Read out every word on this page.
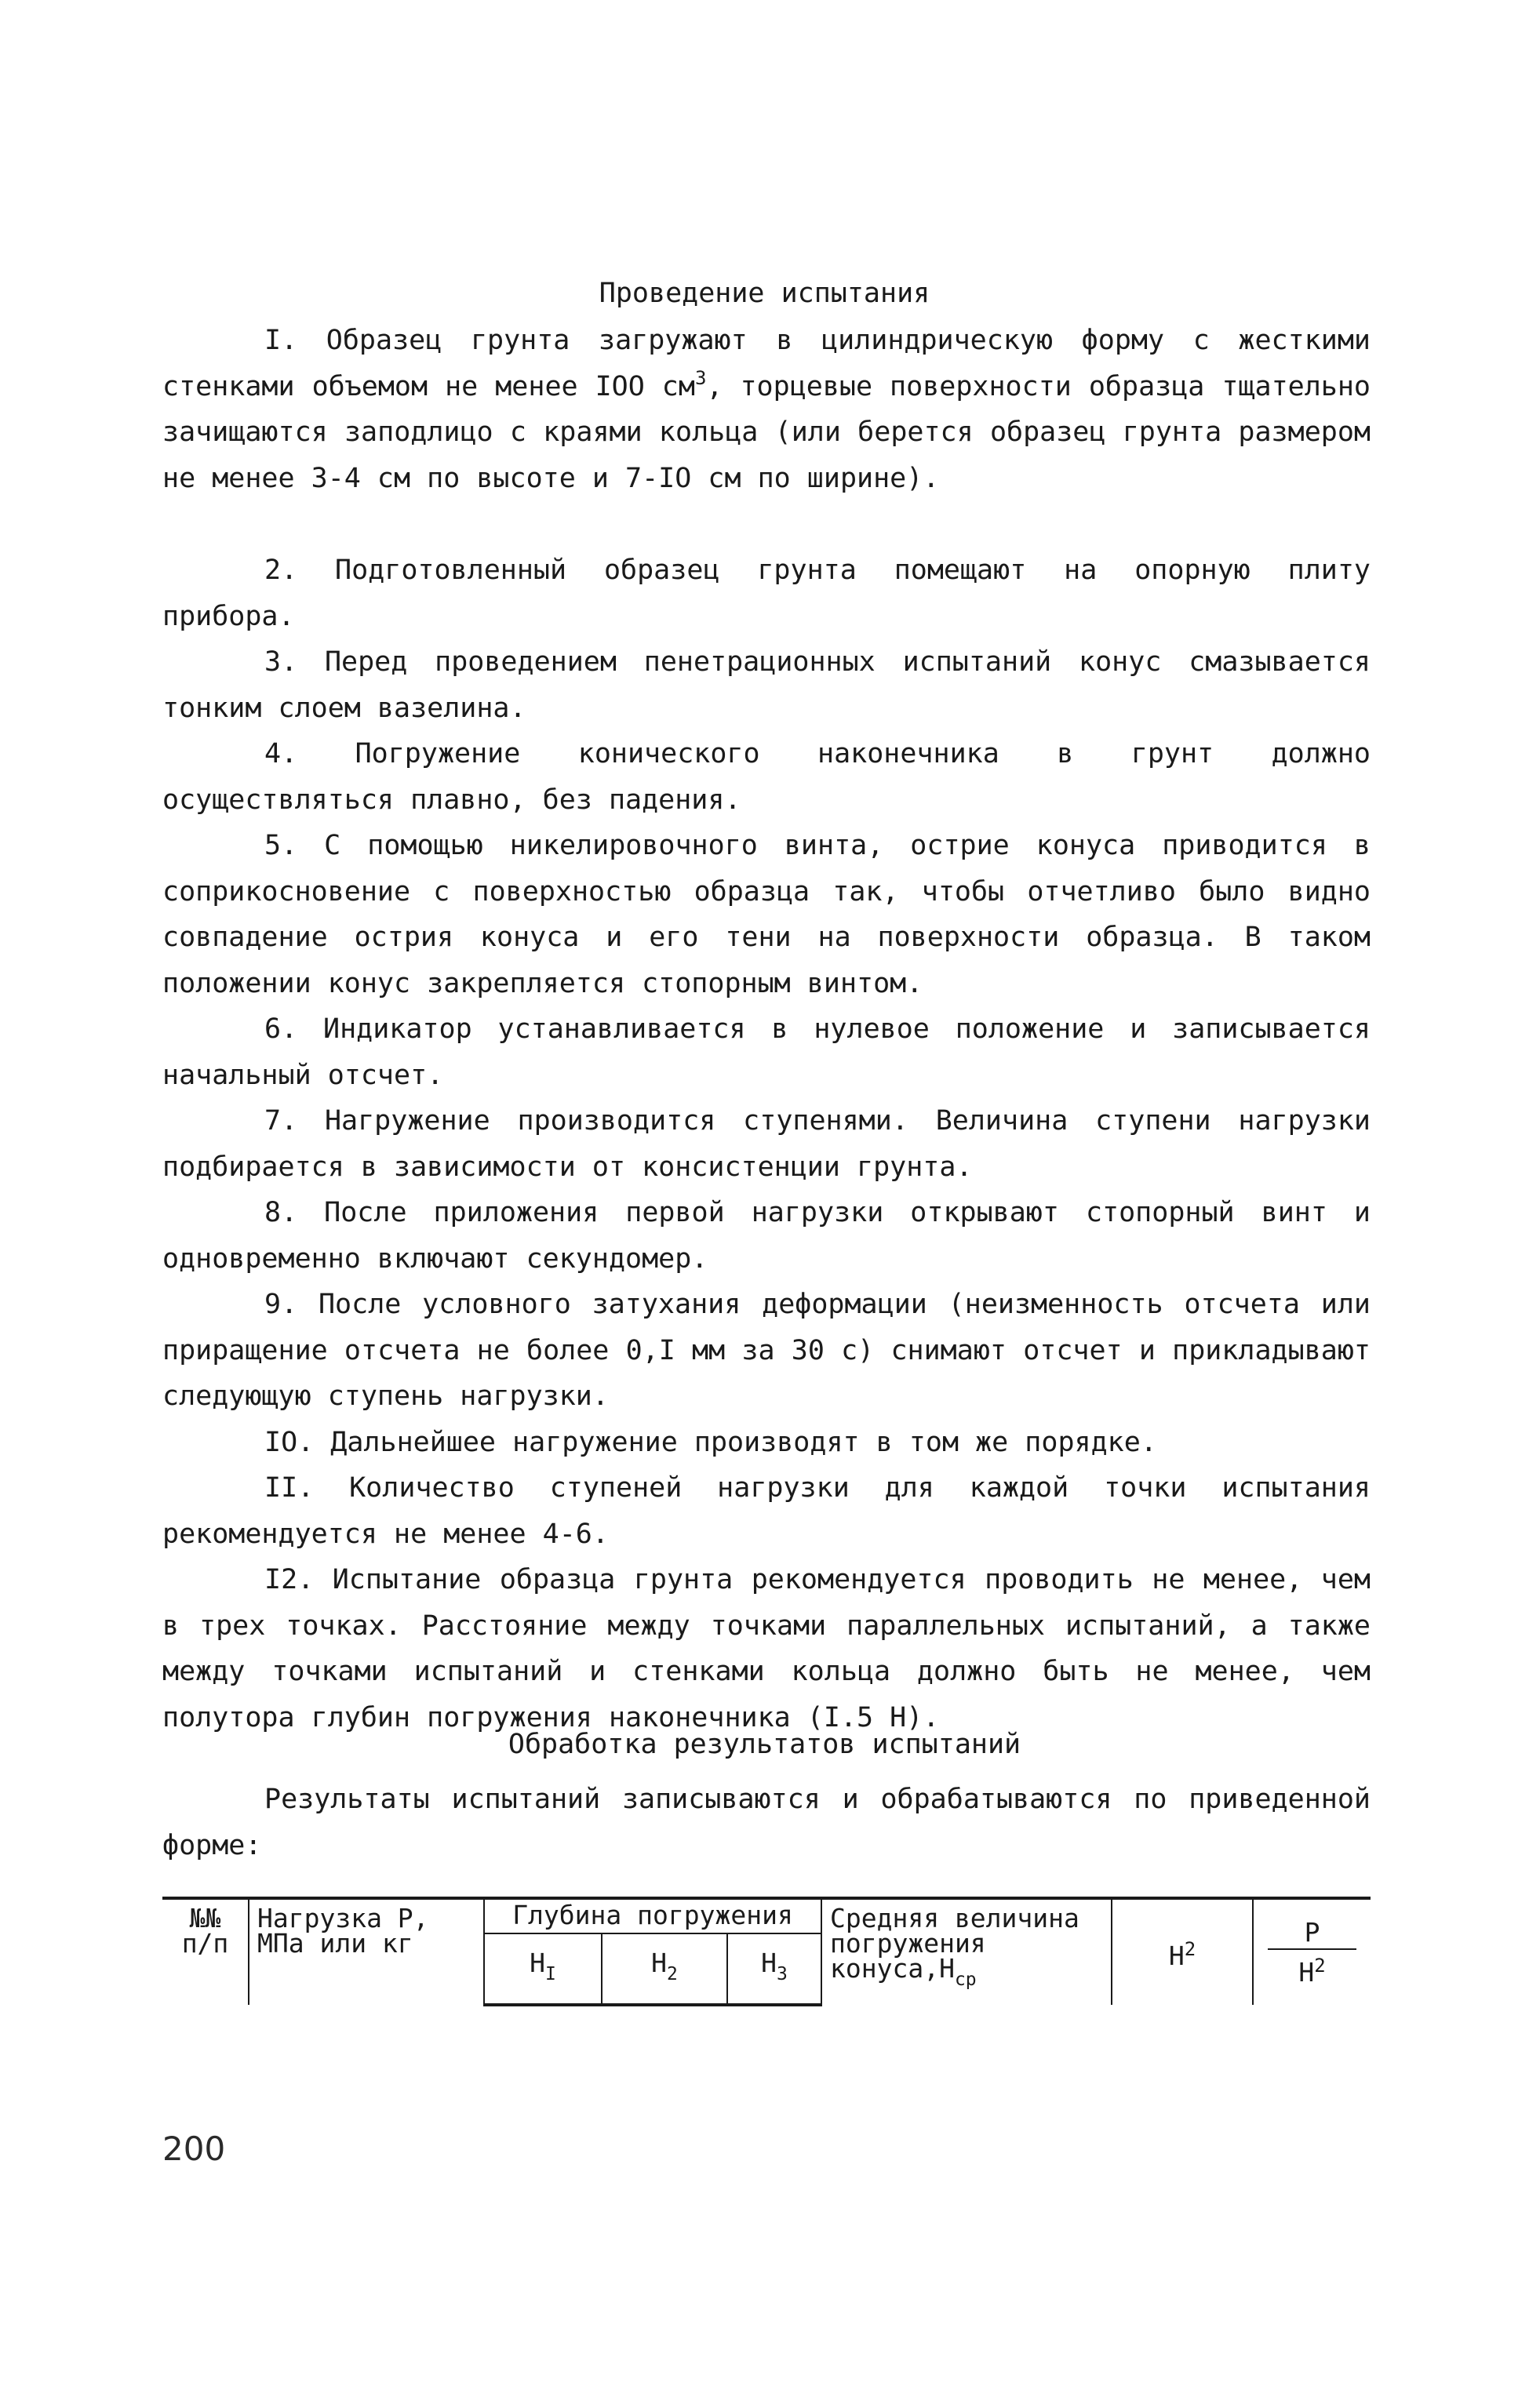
Проведение испытания
I. Образец грунта загружают в цилиндрическую форму с жесткими стенками объемом не менее IOO $см^3$, торцевые поверхности образца тщательно зачищаются заподлицо с краями кольца (или берется образец грунта размером не менее 3-4 см по высоте и 7-IO см по ширине).
2. Подготовленный образец грунта помещают на опорную плиту прибора.
3. Перед проведением пенетрационных испытаний конус смазывается тонким слоем вазелина.
4. Погружение конического наконечника в грунт должно осуществляться плавно, без падения.
5. С помощью никелировочного винта, острие конуса приводится в соприкосновение с поверхностью образца так, чтобы отчетливо было видно совпадение острия конуса и его тени на поверхности образца. В таком положении конус закрепляется стопорным винтом.
6. Индикатор устанавливается в нулевое положение и записывается начальный отсчет.
7. Нагружение производится ступенями. Величина ступени нагрузки подбирается в зависимости от консистенции грунта.
8. После приложения первой нагрузки открывают стопорный винт и одновременно включают секундомер.
9. После условного затухания деформации (неизменность отсчета или приращение отсчета не более 0,I мм за 30 с) снимают отсчет и прикладывают следующую ступень нагрузки.
IO. Дальнейшее нагружение производят в том же порядке.
II. Количество ступеней нагрузки для каждой точки испытания рекомендуется не менее 4-6.
I2. Испытание образца грунта рекомендуется проводить не менее, чем в трех точках. Расстояние между точками параллельных испытаний, а также между точками испытаний и стенками кольца должно быть не менее, чем полутора глубин погружения наконечника (I.5 H).
Обработка результатов испытаний
Результаты испытаний записываются и обрабатываются по приведенной форме:
№№ п/п	Нагрузка P, МПа или кг	Глубина погружения			Средняя величина погружения $конуса,H_{ср}$	$H^2$	P
$H^2$

		$H_I$	$H_2$	$H_3$
200
